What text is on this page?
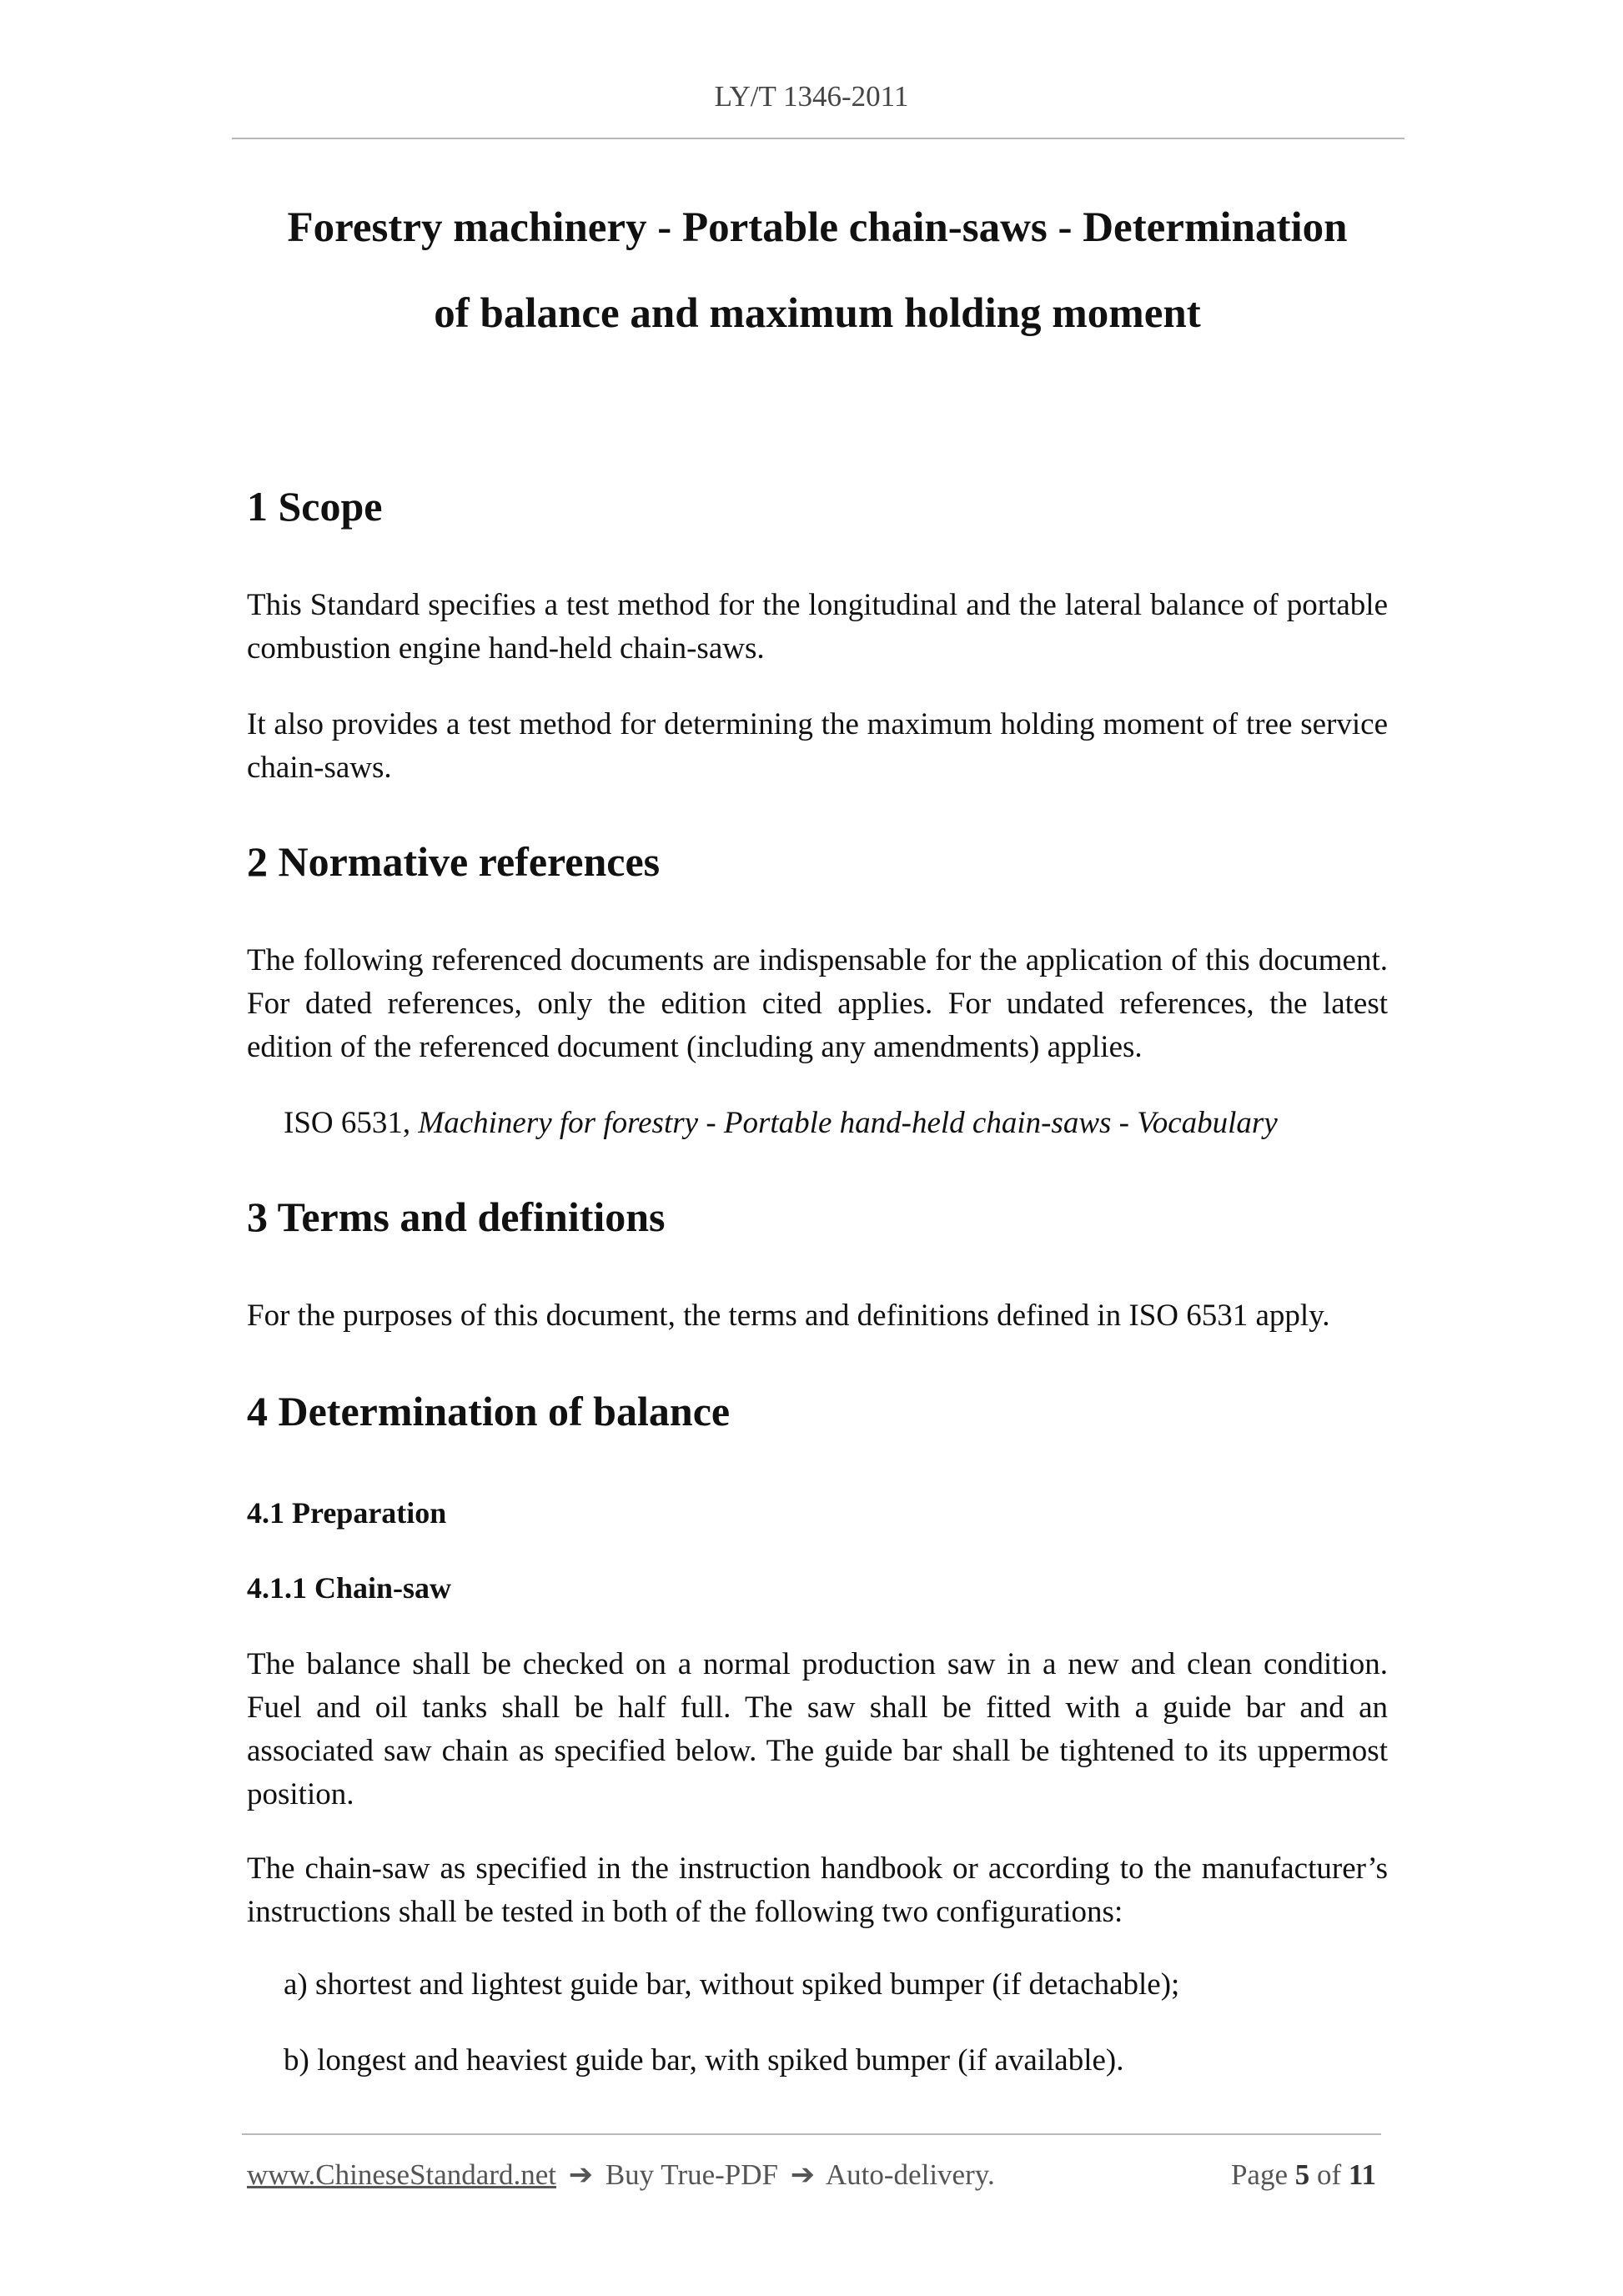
LY/T 1346-2011
Forestry machinery - Portable chain-saws - Determination
of balance and maximum holding moment
1 Scope

This Standard specifies a test method for the longitudinal and the lateral balance of portable combustion engine hand-held chain-saws.

It also provides a test method for determining the maximum holding moment of tree service chain-saws.

2 Normative references

The following referenced documents are indispensable for the application of this document. For dated references, only the edition cited applies. For undated references, the latest edition of the referenced document (including any amendments) applies.

ISO 6531, Machinery for forestry - Portable hand-held chain-saws - Vocabulary

3 Terms and definitions

For the purposes of this document, the terms and definitions defined in ISO 6531 apply.

4 Determination of balance
4.1 Preparation
4.1.1 Chain-saw

The balance shall be checked on a normal production saw in a new and clean condition. Fuel and oil tanks shall be half full. The saw shall be fitted with a guide bar and an associated saw chain as specified below. The guide bar shall be tightened to its uppermost position.

The chain-saw as specified in the instruction handbook or according to the manufacturer’s instructions shall be tested in both of the following two configurations:

a) shortest and lightest guide bar, without spiked bumper (if detachable);

b) longest and heaviest guide bar, with spiked bumper (if available).

www.ChineseStandard.net ➔ Buy True-PDF ➔ Auto-delivery.	Page 5 of 11
